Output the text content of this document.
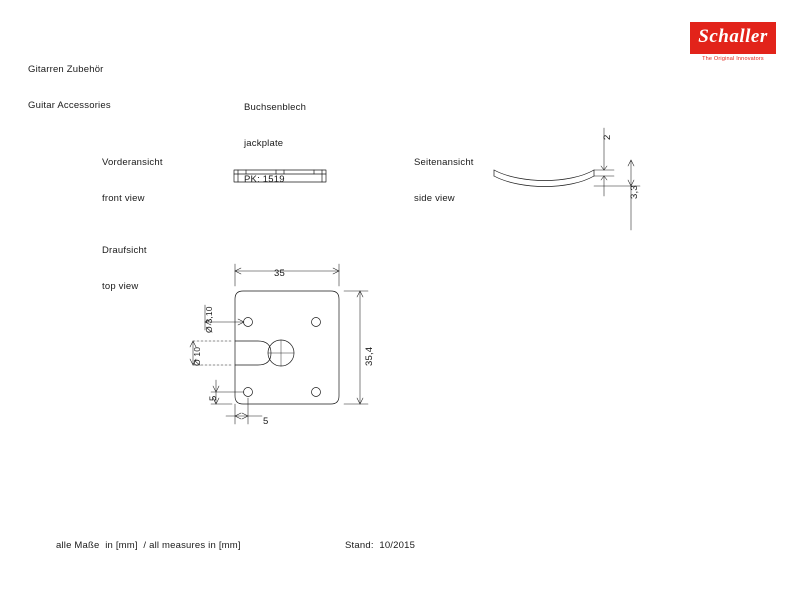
Gitarren Zubehör

Guitar Accessories

Schaller
The Original Innovators

Buchsenblech

jackplate

PK: 1519

Vorderansicht

front view

Seitenansicht

side view

Draufsicht

top view

35
35,4
Ø 3,10
Ø 10
5
5
2
3,3
alle Maße  in [mm]  / all measures in [mm]	Stand:  10/2015
